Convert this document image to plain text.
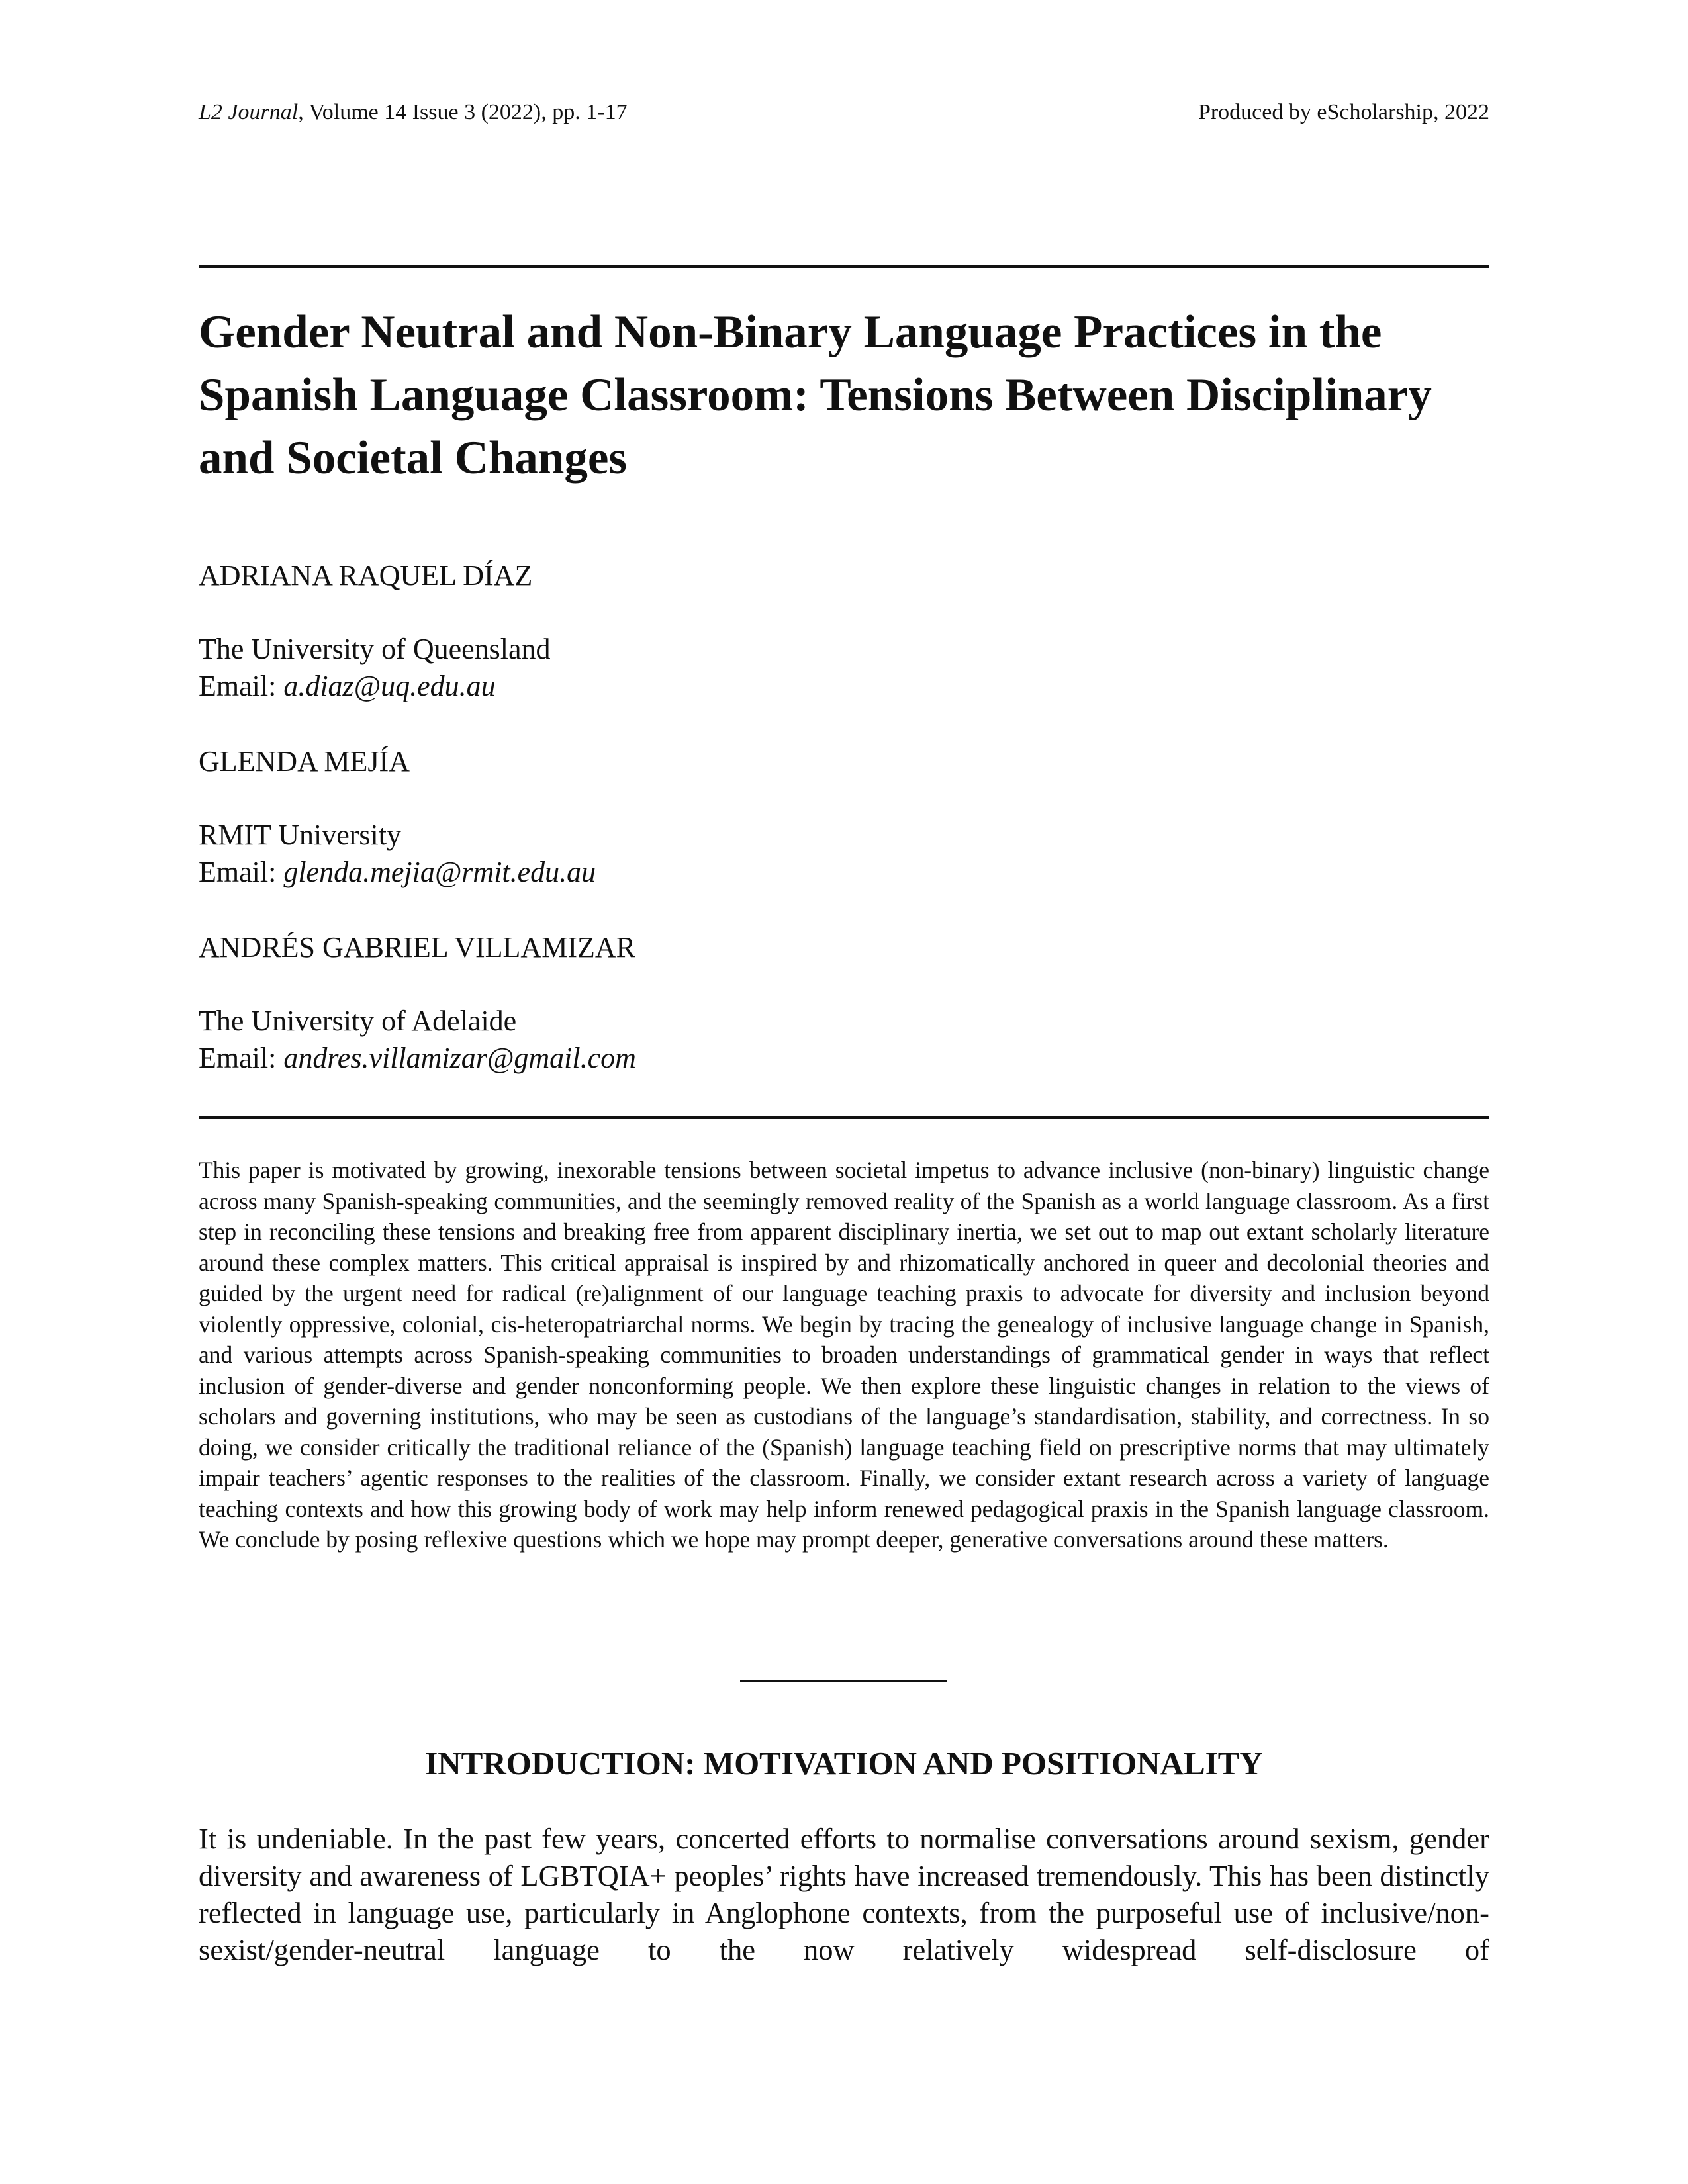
L2 Journal, Volume 14 Issue 3 (2022), pp. 1-17	Produced by eScholarship, 2022
Gender Neutral and Non-Binary Language Practices in the Spanish Language Classroom: Tensions Between Disciplinary and Societal Changes
ADRIANA RAQUEL DÍAZ
The University of Queensland
Email: a.diaz@uq.edu.au
GLENDA MEJÍA
RMIT University
Email: glenda.mejia@rmit.edu.au
ANDRÉS GABRIEL VILLAMIZAR
The University of Adelaide
Email: andres.villamizar@gmail.com

This paper is motivated by growing, inexorable tensions between societal impetus to advance inclusive (non-binary) linguistic change across many Spanish-speaking communities, and the seemingly removed reality of the Spanish as a world language classroom. As a first step in reconciling these tensions and breaking free from apparent disciplinary inertia, we set out to map out extant scholarly literature around these complex matters. This critical appraisal is inspired by and rhizomatically anchored in queer and decolonial theories and guided by the urgent need for radical (re)alignment of our language teaching praxis to advocate for diversity and inclusion beyond violently oppressive, colonial, cis-heteropatriarchal norms. We begin by tracing the genealogy of inclusive language change in Spanish, and various attempts across Spanish-speaking communities to broaden understandings of grammatical gender in ways that reflect inclusion of gender-diverse and gender nonconforming people. We then explore these linguistic changes in relation to the views of scholars and governing institutions, who may be seen as custodians of the language’s standardisation, stability, and correctness. In so doing, we consider critically the traditional reliance of the (Spanish) language teaching field on prescriptive norms that may ultimately impair teachers’ agentic responses to the realities of the classroom. Finally, we consider extant research across a variety of language teaching contexts and how this growing body of work may help inform renewed pedagogical praxis in the Spanish language classroom. We conclude by posing reflexive questions which we hope may prompt deeper, generative conversations around these matters.

INTRODUCTION: MOTIVATION AND POSITIONALITY

It is undeniable. In the past few years, concerted efforts to normalise conversations around sexism, gender diversity and awareness of LGBTQIA+ peoples’ rights have increased tremendously. This has been distinctly reflected in language use, particularly in Anglophone contexts, from the purposeful use of inclusive/non-sexist/gender-neutral language to the now relatively widespread self-disclosure of
